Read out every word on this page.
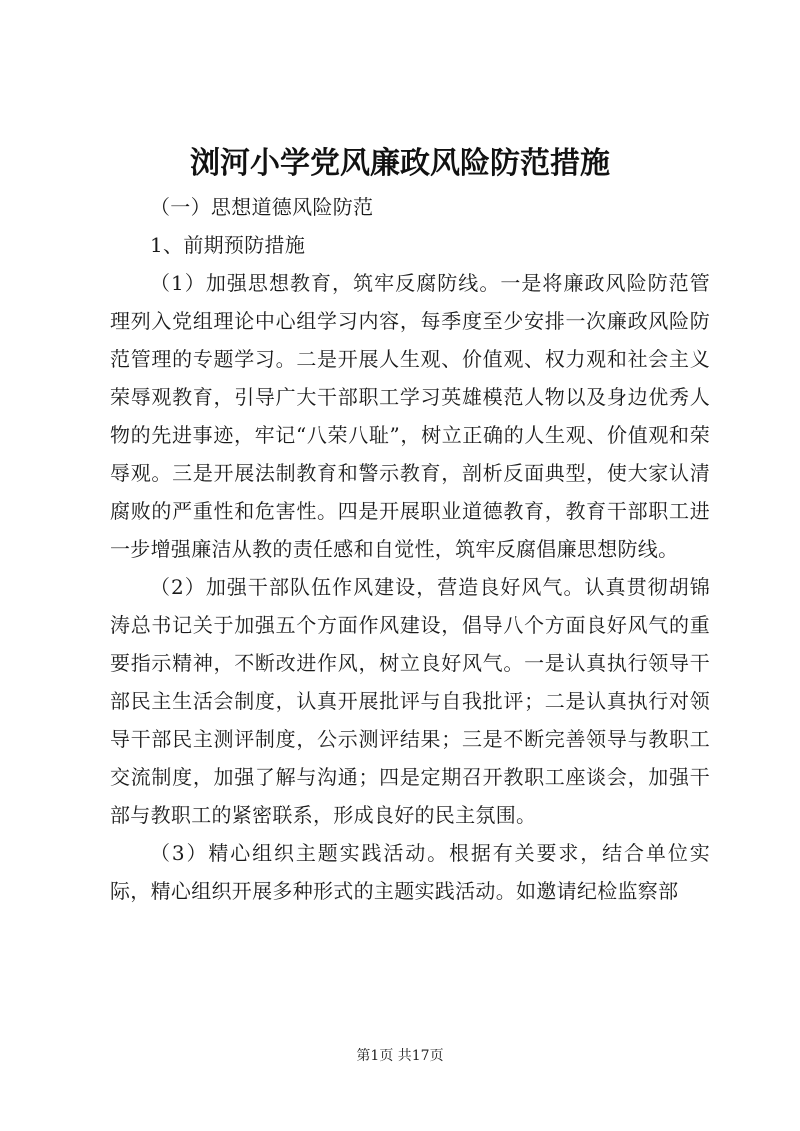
浏河小学党风廉政风险防范措施

（一）思想道德风险防范

1、前期预防措施

（1）加强思想教育，筑牢反腐防线。一是将廉政风险防范管理列入党组理论中心组学习内容，每季度至少安排一次廉政风险防范管理的专题学习。二是开展人生观、价值观、权力观和社会主义荣辱观教育，引导广大干部职工学习英雄模范人物以及身边优秀人物的先进事迹，牢记“八荣八耻”，树立正确的人生观、价值观和荣辱观。三是开展法制教育和警示教育，剖析反面典型，使大家认清腐败的严重性和危害性。四是开展职业道德教育，教育干部职工进一步增强廉洁从教的责任感和自觉性，筑牢反腐倡廉思想防线。

（2）加强干部队伍作风建设，营造良好风气。认真贯彻胡锦涛总书记关于加强五个方面作风建设，倡导八个方面良好风气的重要指示精神，不断改进作风，树立良好风气。一是认真执行领导干部民主生活会制度，认真开展批评与自我批评；二是认真执行对领导干部民主测评制度，公示测评结果；三是不断完善领导与教职工交流制度，加强了解与沟通；四是定期召开教职工座谈会，加强干部与教职工的紧密联系，形成良好的民主氛围。

（3）精心组织主题实践活动。根据有关要求，结合单位实际，精心组织开展多种形式的主题实践活动。如邀请纪检监察部

第1页 共17页
